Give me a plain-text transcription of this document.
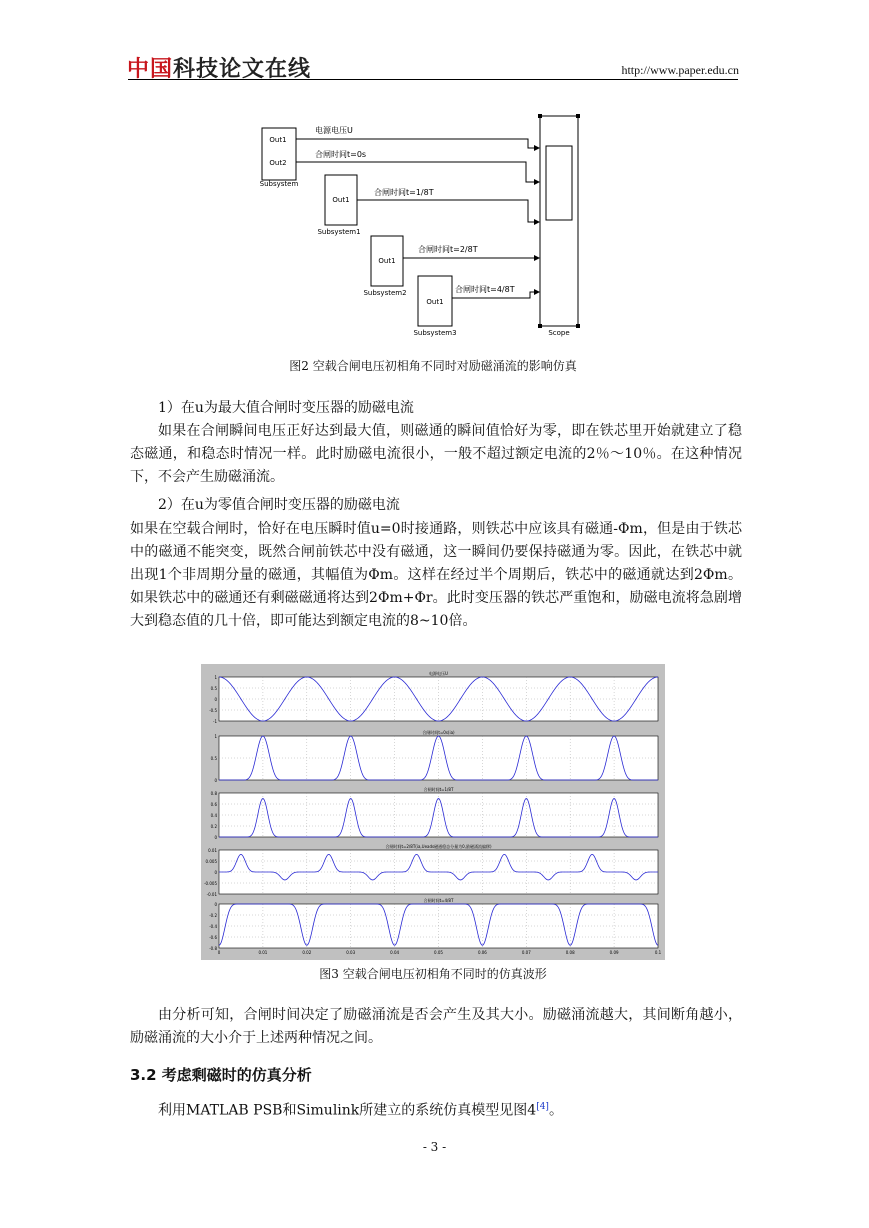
中国科技论文在线	http://www.paper.edu.cn
Out1
Out2
Subsystem
Out1
Subsystem1
Out1
Subsystem2
Out1
Subsystem3	Scope
电源电压U
合闸时间t=0s
合闸时间t=1/8T
合闸时间t=2/8T
合闸时间t=4/8T
图2 空载合闸电压初相角不同时对励磁涌流的影响仿真
1）在u为最大值合闸时变压器的励磁电流
如果在合闸瞬间电压正好达到最大值，则磁通的瞬间值恰好为零，即在铁芯里开始就建立了稳态磁通，和稳态时情况一样。此时励磁电流很小，一般不超过额定电流的2％～10％。在这种情况下，不会产生励磁涌流。
2）在u为零值合闸时变压器的励磁电流
如果在空载合闸时，恰好在电压瞬时值u=0时接通路，则铁芯中应该具有磁通-Φm，但是由于铁芯中的磁通不能突变，既然合闸前铁芯中没有磁通，这一瞬间仍要保持磁通为零。因此，在铁芯中就出现1个非周期分量的磁通，其幅值为Φm。这样在经过半个周期后，铁芯中的磁通就达到2Φm。如果铁芯中的磁通还有剩磁磁通将达到2Φm+Φr。此时变压器的铁芯严重饱和，励磁电流将急剧增大到稳态值的几十倍，即可能达到额定电流的8~10倍。
1
0.5
0
-0.5
-1
电源电压U
1
0.5
0
合闸时间t=0s(ia)
0.8
0.6
0.4
0.2
0
合闸时间t=1/8T
0.01
0.005
0
-0.005
-0.01
合闸时间t=2/8T(ia,Ueads磁通稳态分量为0,励磁涌流偏移)
0
-0.2
-0.4
-0.6
-0.8
合闸时间t=4/8T
0	0.01	0.02	0.03	0.04	0.05	0.06	0.07	0.08	0.09	0.1
图3 空载合闸电压初相角不同时的仿真波形
由分析可知，合闸时间决定了励磁涌流是否会产生及其大小。励磁涌流越大，其间断角越小，励磁涌流的大小介于上述两种情况之间。
3.2 考虑剩磁时的仿真分析
利用MATLAB PSB和Simulink所建立的系统仿真模型见图4[4]。
- 3 -
